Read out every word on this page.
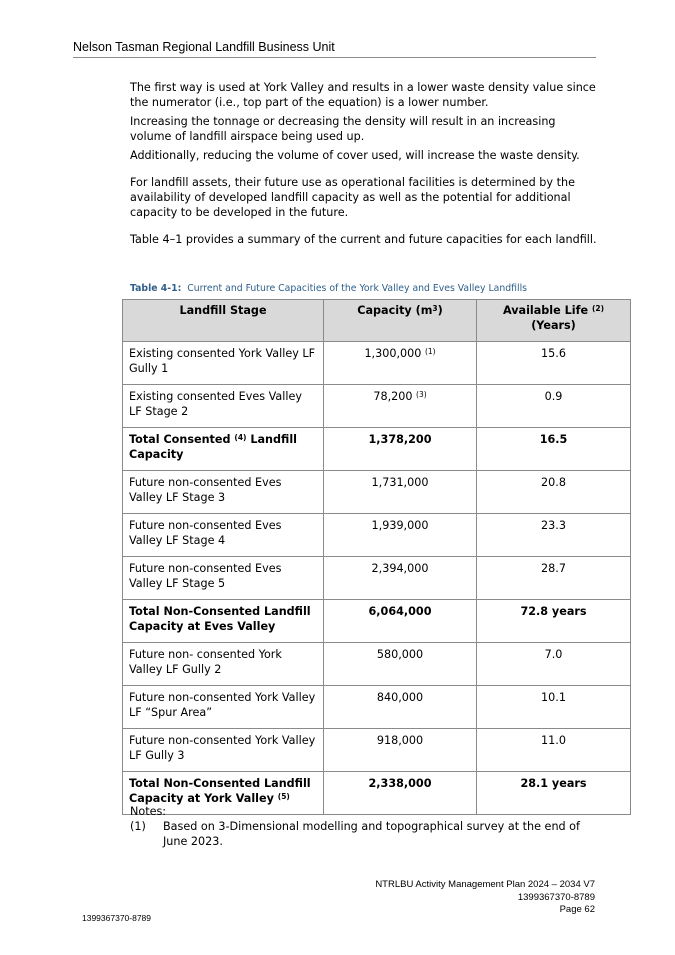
Nelson Tasman Regional Landfill Business Unit

The first way is used at York Valley and results in a lower waste density value since the numerator (i.e., top part of the equation) is a lower number.

Increasing the tonnage or decreasing the density will result in an increasing volume of landfill airspace being used up.

Additionally, reducing the volume of cover used, will increase the waste density.

For landfill assets, their future use as operational facilities is determined by the availability of developed landfill capacity as well as the potential for additional capacity to be developed in the future.

Table 4–1 provides a summary of the current and future capacities for each landfill.

Table 4-1: Current and Future Capacities of the York Valley and Eves Valley Landfills
Landfill Stage	Capacity $(m^3)$	Available Life $^{(2)}$
(Years)
Existing consented York Valley LF Gully 1	1,300,000 $^{(1)}$	15.6
Existing consented Eves Valley LF Stage 2	78,200 $^{(3)}$	0.9
Total Consented $^{(4)}$ Landfill Capacity	1,378,200	16.5
Future non-consented Eves Valley LF Stage 3	1,731,000	20.8
Future non-consented Eves Valley LF Stage 4	1,939,000	23.3
Future non-consented Eves Valley LF Stage 5	2,394,000	28.7
Total Non-Consented Landfill Capacity at Eves Valley	6,064,000	72.8 years
Future non- consented York Valley LF Gully 2	580,000	7.0
Future non-consented York Valley LF “Spur Area”	840,000	10.1
Future non-consented York Valley LF Gully 3	918,000	11.0
Total Non-Consented Landfill Capacity at York Valley $^{(5)}$	2,338,000	28.1 years
Notes:
(1)	Based on 3-Dimensional modelling and topographical survey at the end of June 2023.
NTRLBU Activity Management Plan 2024 – 2034 V7
1399367370-8789
Page 62
1399367370-8789
